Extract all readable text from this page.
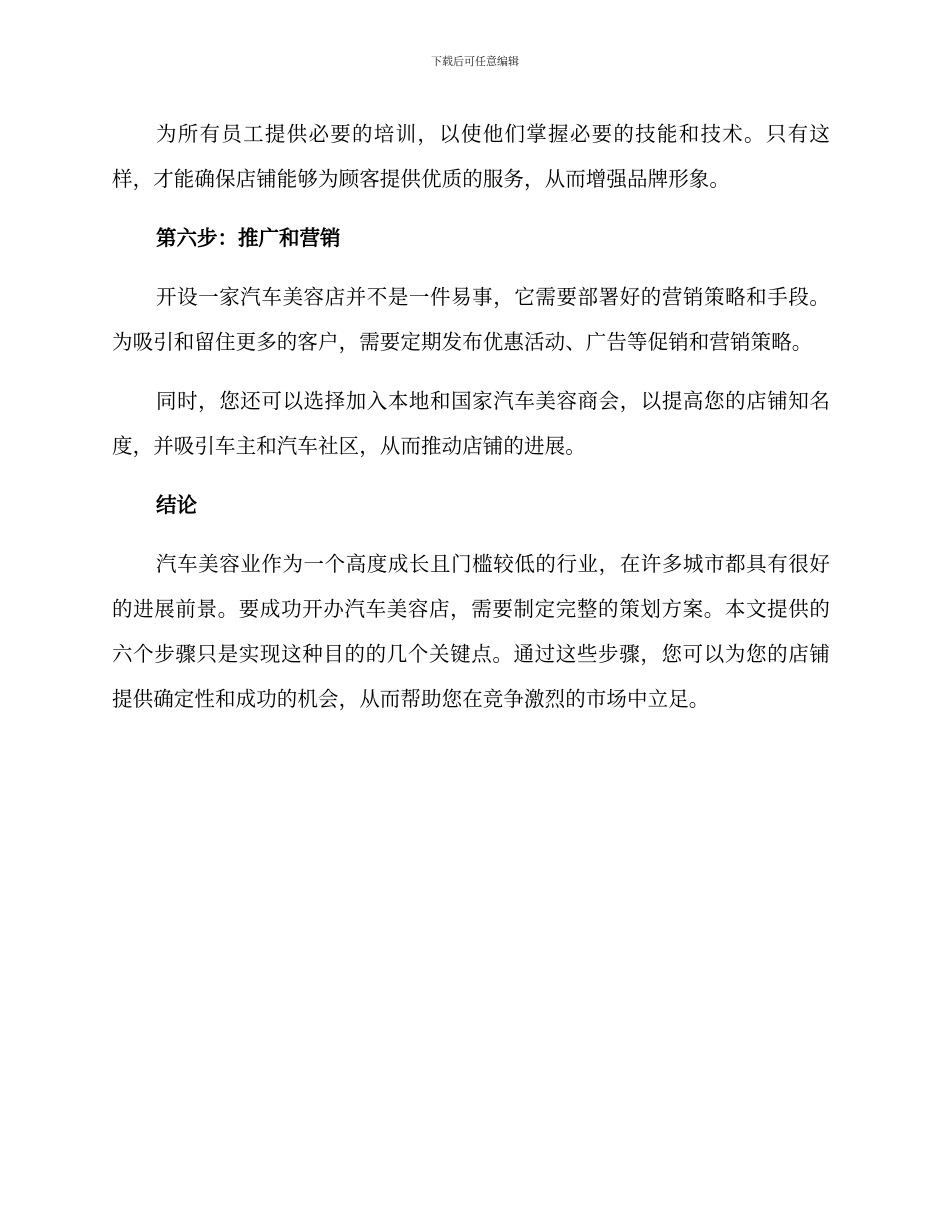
下载后可任意编辑

为所有员工提供必要的培训，以使他们掌握必要的技能和技术。只有这样，才能确保店铺能够为顾客提供优质的服务，从而增强品牌形象。

第六步：推广和营销

开设一家汽车美容店并不是一件易事，它需要部署好的营销策略和手段。为吸引和留住更多的客户，需要定期发布优惠活动、广告等促销和营销策略。

同时，您还可以选择加入本地和国家汽车美容商会，以提高您的店铺知名度，并吸引车主和汽车社区，从而推动店铺的进展。

结论

汽车美容业作为一个高度成长且门槛较低的行业，在许多城市都具有很好的进展前景。要成功开办汽车美容店，需要制定完整的策划方案。本文提供的六个步骤只是实现这种目的的几个关键点。通过这些步骤，您可以为您的店铺提供确定性和成功的机会，从而帮助您在竞争激烈的市场中立足。
